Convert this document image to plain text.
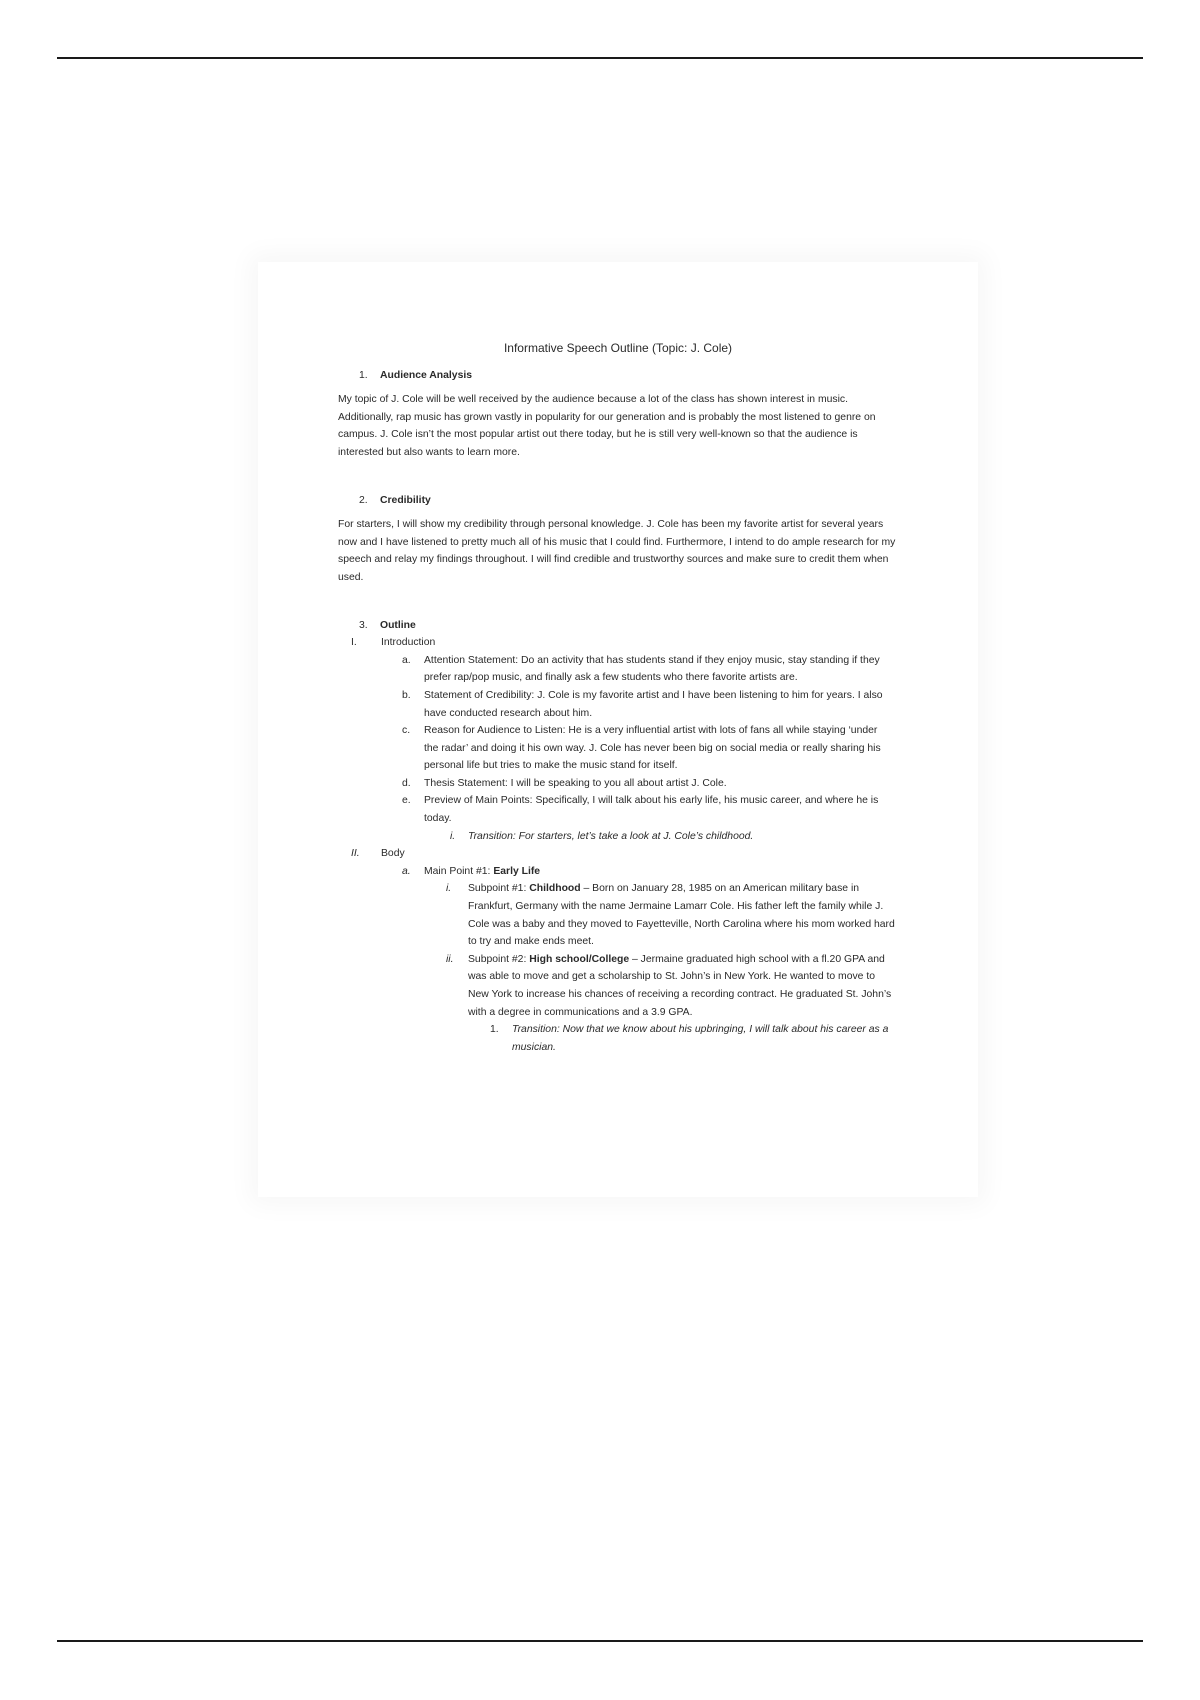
Informative Speech Outline (Topic: J. Cole)
1.	Audience Analysis

My topic of J. Cole will be well received by the audience because a lot of the class has shown interest in music. Additionally, rap music has grown vastly in popularity for our generation and is probably the most listened to genre on campus. J. Cole isn’t the most popular artist out there today, but he is still very well-known so that the audience is interested but also wants to learn more.

2.	Credibility

For starters, I will show my credibility through personal knowledge. J. Cole has been my favorite artist for several years now and I have listened to pretty much all of his music that I could find. Furthermore, I intend to do ample research for my speech and relay my findings throughout. I will find credible and trustworthy sources and make sure to credit them when used.

3.	Outline
I.	Introduction
a.	Attention Statement: Do an activity that has students stand if they enjoy music, stay standing if they prefer rap/pop music, and finally ask a few students who there favorite artists are.
b.	Statement of Credibility: J. Cole is my favorite artist and I have been listening to him for years. I also have conducted research about him.
c.	Reason for Audience to Listen: He is a very influential artist with lots of fans all while staying ‘under the radar’ and doing it his own way. J. Cole has never been big on social media or really sharing his personal life but tries to make the music stand for itself.
d.	Thesis Statement: I will be speaking to you all about artist J. Cole.
e.	Preview of Main Points: Specifically, I will talk about his early life, his music career, and where he is today.
i.	Transition: For starters, let’s take a look at J. Cole’s childhood.
II.	Body
a.	Main Point #1: Early Life
i.	Subpoint #1: Childhood – Born on January 28, 1985 on an American military base in Frankfurt, Germany with the name Jermaine Lamarr Cole. His father left the family while J. Cole was a baby and they moved to Fayetteville, North Carolina where his mom worked hard to try and make ends meet.
ii.	Subpoint #2: High school/College – Jermaine graduated high school with a fl.20 GPA and was able to move and get a scholarship to St. John’s in New York. He wanted to move to New York to increase his chances of receiving a recording contract. He graduated St. John’s with a degree in communications and a 3.9 GPA.
1.	Transition: Now that we know about his upbringing, I will talk about his career as a musician.
